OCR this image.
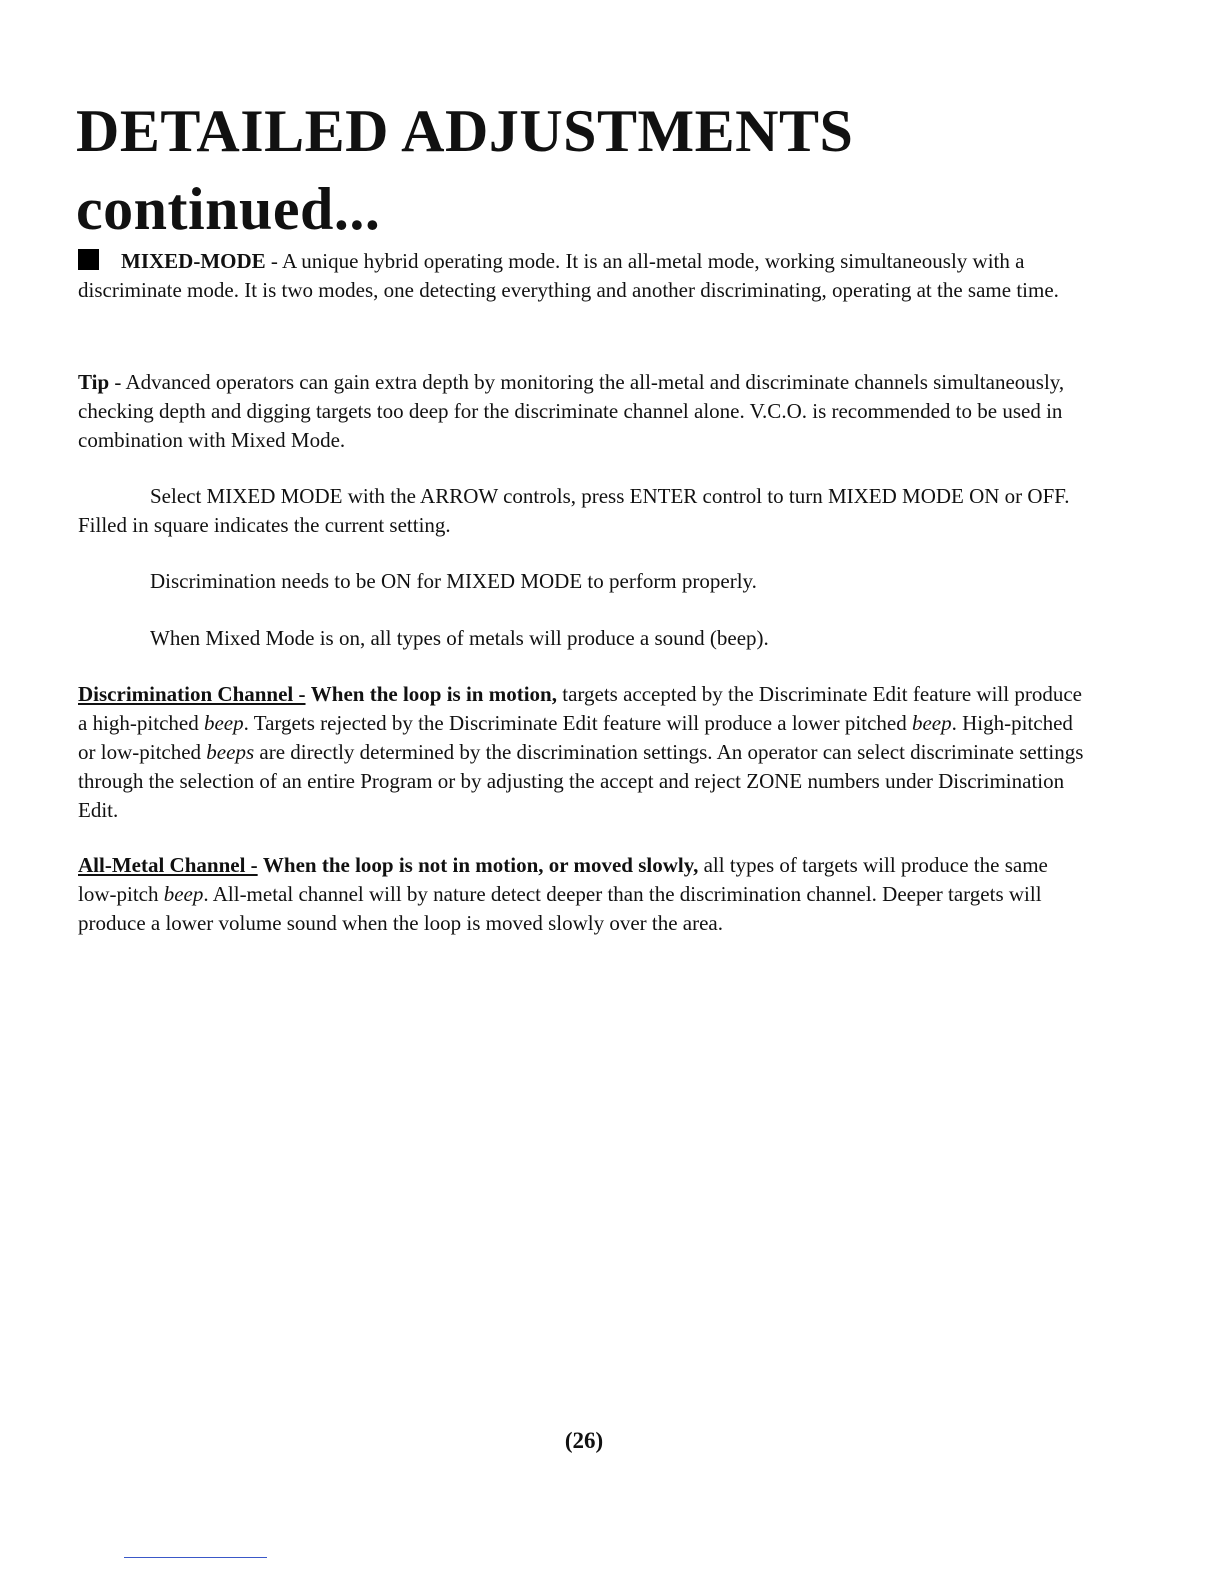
DETAILED ADJUSTMENTS
continued...

MIXED-MODE - A unique hybrid operating mode. It is an all-metal mode, working simultaneously with a discriminate mode. It is two modes, one detecting everything and another discriminating, operating at the same time.

Tip - Advanced operators can gain extra depth by monitoring the all-metal and discriminate channels simultaneously, checking depth and digging targets too deep for the discriminate channel alone. V.C.O. is recommended to be used in combination with Mixed Mode.

Select MIXED MODE with the ARROW controls, press ENTER control to turn MIXED MODE ON or OFF. Filled in square indicates the current setting.

Discrimination needs to be ON for MIXED MODE to perform properly.

When Mixed Mode is on, all types of metals will produce a sound (beep).

Discrimination Channel - When the loop is in motion, targets accepted by the Discriminate Edit feature will produce a high-pitched beep. Targets rejected by the Discriminate Edit feature will produce a lower pitched beep. High-pitched or low-pitched beeps are directly determined by the discrimination settings. An operator can select discriminate settings through the selection of an entire Program or by adjusting the accept and reject ZONE numbers under Discrimination Edit.

All-Metal Channel - When the loop is not in motion, or moved slowly, all types of targets will produce the same low-pitch beep. All-metal channel will by nature detect deeper than the discrimination channel. Deeper targets will produce a lower volume sound when the loop is moved slowly over the area.

(26)
